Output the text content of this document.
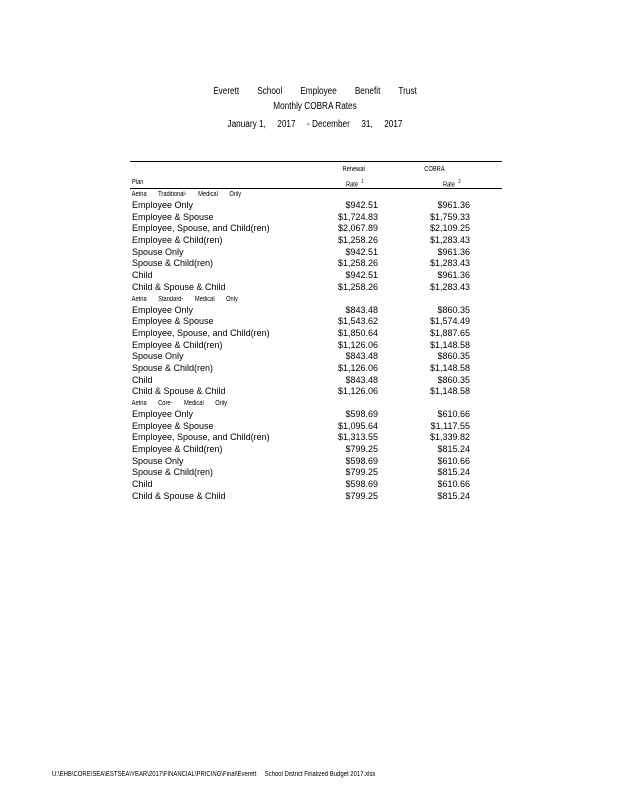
Everett School Employee Benefit Trust
Monthly COBRA Rates
January 1, 2017 - December 31, 2017
Plan
Renewal
Rate $^1$
COBRA
Rate $^2$
Aetna Traditional- Medical Only
Employee Only	$942.51	$961.36
Employee & Spouse	$1,724.83	$1,759.33
Employee, Spouse, and Child(ren)	$2,067.89	$2,109.25
Employee & Child(ren)	$1,258.26	$1,283.43
Spouse Only	$942.51	$961.36
Spouse & Child(ren)	$1,258.26	$1,283.43
Child	$942.51	$961.36
Child & Spouse & Child	$1,258.26	$1,283.43
Aetna Standard- Medical Only
Employee Only	$843.48	$860.35
Employee & Spouse	$1,543.62	$1,574.49
Employee, Spouse, and Child(ren)	$1,850.64	$1,887.65
Employee & Child(ren)	$1,126.06	$1,148.58
Spouse Only	$843.48	$860.35
Spouse & Child(ren)	$1,126.06	$1,148.58
Child	$843.48	$860.35
Child & Spouse & Child	$1,126.06	$1,148.58
Aetna Core- Medical Only
Employee Only	$598.69	$610.66
Employee & Spouse	$1,095.64	$1,117.55
Employee, Spouse, and Child(ren)	$1,313.55	$1,339.82
Employee & Child(ren)	$799.25	$815.24
Spouse Only	$598.69	$610.66
Spouse & Child(ren)	$799.25	$815.24
Child	$598.69	$610.66
Child & Spouse & Child	$799.25	$815.24
U:\EHB\CORE\SEA\ESTSEA\YEAR\2017\FINANCIAL\PRICING\Final\Everett School District Finalized Budget 2017.xlsx
